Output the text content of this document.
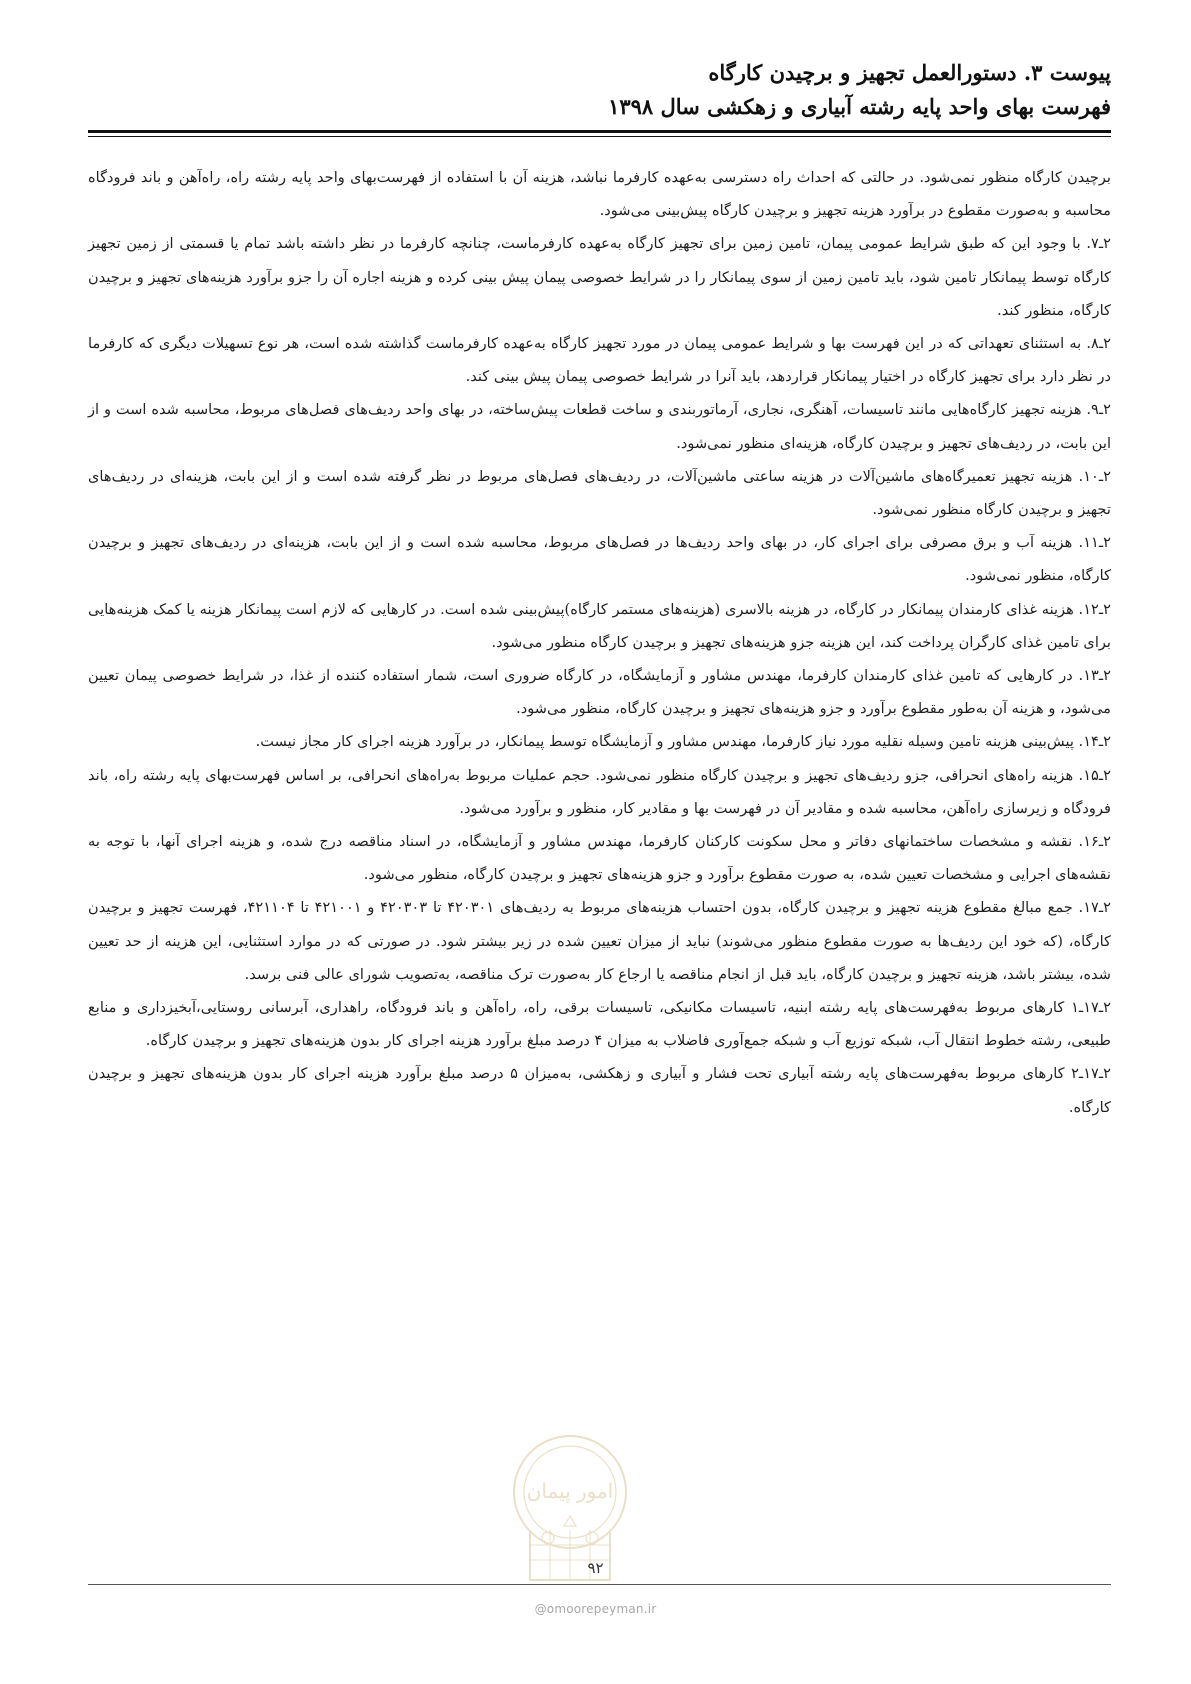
پیوست ۳. دستورالعمل تجهیز و برچیدن کارگاه
فهرست بهای واحد پایه رشته آبیاری و زهکشی سال ۱۳۹۸

برچیدن کارگاه منظور نمی‌شود. در حالتی که احداث راه دسترسی به‌عهده کارفرما نباشد، هزینه آن با استفاده از فهرست‌بهای واحد پایه رشته راه، راه‌آهن و باند فرودگاه محاسبه و به‌صورت مقطوع در برآورد هزینه تجهیز و برچیدن کارگاه پیش‌بینی می‌شود.

۲ـ۷. با وجود این که طبق شرایط عمومی پیمان، تامین زمین برای تجهیز کارگاه به‌عهده کارفرماست، چنانچه کارفرما در نظر داشته باشد تمام یا قسمتی از زمین تجهیز کارگاه توسط پیمانکار تامین شود، باید تامین زمین از سوی پیمانکار را در شرایط خصوصی پیمان پیش بینی کرده و هزینه اجاره آن را جزو برآورد هزینه‌های تجهیز و برچیدن کارگاه، منظور کند.

۲ـ۸. به استثنای تعهداتی که در این فهرست بها و شرایط عمومی پیمان در مورد تجهیز کارگاه به‌عهده کارفرماست گذاشته شده است، هر نوع تسهیلات دیگری که کارفرما در نظر دارد برای تجهیز کارگاه در اختیار پیمانکار قراردهد، باید آنرا در شرایط خصوصی پیمان پیش بینی کند.

۲ـ۹. هزینه تجهیز کارگاه‌هایی مانند تاسیسات، آهنگری، نجاری، آرماتوربندی و ساخت قطعات پیش‌ساخته، در بهای واحد ردیف‌های فصل‌های مربوط، محاسبه شده است و از این بابت، در ردیف‌های تجهیز و برچیدن کارگاه، هزینه‌ای منظور نمی‌شود.

۲ـ۱۰. هزینه تجهیز تعمیرگاه‌های ماشین‌آلات در هزینه ساعتی ماشین‌آلات، در ردیف‌های فصل‌های مربوط در نظر گرفته شده است و از این بابت، هزینه‌ای در ردیف‌های تجهیز و برچیدن کارگاه منظور نمی‌شود.

۲ـ۱۱. هزینه آب و برق مصرفی برای اجرای کار، در بهای واحد ردیف‌ها در فصل‌های مربوط، محاسبه شده است و از این بابت، هزینه‌ای در ردیف‌های تجهیز و برچیدن کارگاه، منظور نمی‌شود.

۲ـ۱۲. هزینه غذای کارمندان پیمانکار در کارگاه، در هزینه بالاسری (هزینه‌های مستمر کارگاه)پیش‌بینی شده است. در کارهایی که لازم است پیمانکار هزینه یا کمک هزینه‌هایی برای تامین غذای کارگران پرداخت کند، این هزینه جزو هزینه‌های تجهیز و برچیدن کارگاه منظور می‌شود.

۲ـ۱۳. در کارهایی که تامین غذای کارمندان کارفرما، مهندس مشاور و آزمایشگاه، در کارگاه ضروری است، شمار استفاده کننده از غذا، در شرایط خصوصی پیمان تعیین می‌شود، و هزینه آن به‌طور مقطوع برآورد و جزو هزینه‌های تجهیز و برچیدن کارگاه، منظور می‌شود.

۲ـ۱۴. پیش‌بینی هزینه تامین وسیله نقلیه مورد نیاز کارفرما، مهندس مشاور و آزمایشگاه توسط پیمانکار، در برآورد هزینه اجرای کار مجاز نیست.

۲ـ۱۵. هزینه راه‌های انحرافی، جزو ردیف‌های تجهیز و برچیدن کارگاه منظور نمی‌شود. حجم عملیات مربوط به‌راه‌های انحرافی، بر اساس فهرست‌بهای پایه رشته راه، باند فرودگاه و زیرسازی راه‌آهن، محاسبه شده و مقادیر آن در فهرست بها و مقادیر کار، منظور و برآورد می‌شود.

۲ـ۱۶. نقشه و مشخصات ساختمانهای دفاتر و محل سکونت کارکنان کارفرما، مهندس مشاور و آزمایشگاه، در اسناد مناقصه درج شده، و هزینه اجرای آنها، با توجه به نقشه‌های اجرایی و مشخصات تعیین شده، به صورت مقطوع برآورد و جزو هزینه‌های تجهیز و برچیدن کارگاه، منظور می‌شود.

۲ـ۱۷. جمع مبالغ مقطوع هزینه تجهیز و برچیدن کارگاه، بدون احتساب هزینه‌های مربوط به ردیف‌های ۴۲۰۳۰۱ تا ۴۲۰۳۰۳ و ۴۲۱۰۰۱ تا ۴۲۱۱۰۴، فهرست تجهیز و برچیدن کارگاه، (که خود این ردیف‌ها به صورت مقطوع منظور می‌شوند) نباید از میزان تعیین شده در زیر بیشتر شود. در صورتی که در موارد استثنایی، این هزینه از حد تعیین شده، بیشتر باشد، هزینه تجهیز و برچیدن کارگاه، باید قبل از انجام مناقصه یا ارجاع کار به‌صورت ترک مناقصه، به‌تصویب شورای عالی فنی برسد.

۲ـ۱۷ـ۱ کارهای مربوط به‌فهرست‌های پایه رشته ابنیه، تاسیسات مکانیکی، تاسیسات برقی، راه، راه‌آهن و باند فرودگاه، راهداری، آبرسانی روستایی،آبخیزداری و منابع طبیعی، رشته خطوط انتقال آب، شبکه توزیع آب و شبکه جمع‌آوری فاضلاب به میزان ۴ درصد مبلغ برآورد هزینه اجرای کار بدون هزینه‌های تجهیز و برچیدن کارگاه.

۲ـ۱۷ـ۲ کارهای مربوط به‌فهرست‌های پایه رشته آبیاری تحت فشار و آبیاری و زهکشی، به‌میزان ۵ درصد مبلغ برآورد هزینه اجرای کار بدون هزینه‌های تجهیز و برچیدن کارگاه.

امور پیمان
۹۲
@omoorepeyman.ir
